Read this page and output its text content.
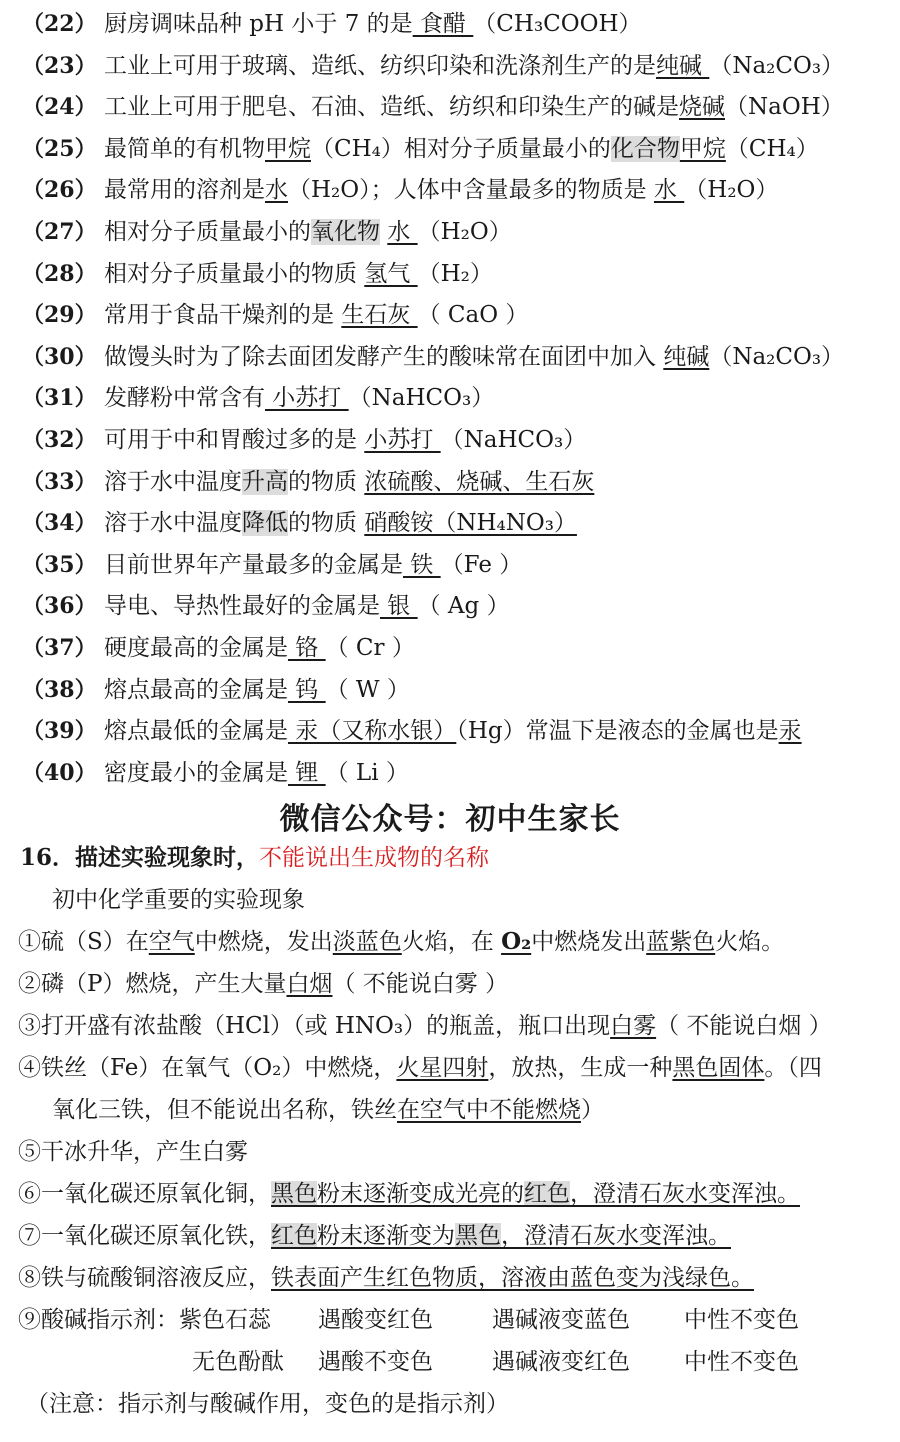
（22） 厨房调味品种 pH 小于 7 的是 食醋 （CH₃COOH）
（23） 工业上可用于玻璃、造纸、纺织印染和洗涤剂生产的是纯碱 （Na₂CO₃）
（24） 工业上可用于肥皂、石油、造纸、纺织和印染生产的碱是烧碱（NaOH）
（25） 最简单的有机物甲烷（CH₄）相对分子质量最小的化合物甲烷（CH₄）
（26） 最常用的溶剂是水（H₂O）；人体中含量最多的物质是 水 （H₂O）
（27） 相对分子质量最小的氧化物 水 （H₂O）
（28） 相对分子质量最小的物质 氢气 （H₂）
（29） 常用于食品干燥剂的是 生石灰 （ CaO ）
（30） 做馒头时为了除去面团发酵产生的酸味常在面团中加入 纯碱（Na₂CO₃）
（31） 发酵粉中常含有 小苏打 （NaHCO₃）
（32） 可用于中和胃酸过多的是 小苏打 （NaHCO₃）
（33） 溶于水中温度升高的物质 浓硫酸、烧碱、生石灰
（34） 溶于水中温度降低的物质 硝酸铵（NH₄NO₃）
（35） 目前世界年产量最多的金属是 铁 （Fe ）
（36） 导电、导热性最好的金属是 银 （ Ag ）
（37） 硬度最高的金属是 铬 （ Cr ）
（38） 熔点最高的金属是 钨 （ W ）
（39） 熔点最低的金属是 汞（又称水银）（Hg）常温下是液态的金属也是汞
（40） 密度最小的金属是 锂 （ Li ）
微信公众号：初中生家长
16．描述实验现象时，不能说出生成物的名称
初中化学重要的实验现象
①硫（S）在空气中燃烧，发出淡蓝色火焰，在 O₂中燃烧发出蓝紫色火焰。
②磷（P）燃烧，产生大量白烟（ 不能说白雾 ）
③打开盛有浓盐酸（HCl）（或 HNO₃）的瓶盖，瓶口出现白雾（ 不能说白烟 ）
④铁丝（Fe）在氧气（O₂）中燃烧，火星四射，放热，生成一种黑色固体。（四
氧化三铁，但不能说出名称，铁丝在空气中不能燃烧）
⑤干冰升华，产生白雾
⑥一氧化碳还原氧化铜，黑色粉末逐渐变成光亮的红色，澄清石灰水变浑浊。
⑦一氧化碳还原氧化铁，红色粉末逐渐变为黑色，澄清石灰水变浑浊。
⑧铁与硫酸铜溶液反应，铁表面产生红色物质，溶液由蓝色变为浅绿色。
⑨酸碱指示剂：紫色石蕊 遇酸变红色	遇碱液变蓝色 中性不变色
无色酚酞 遇酸不变色	遇碱液变红色 中性不变色
（注意：指示剂与酸碱作用，变色的是指示剂）
